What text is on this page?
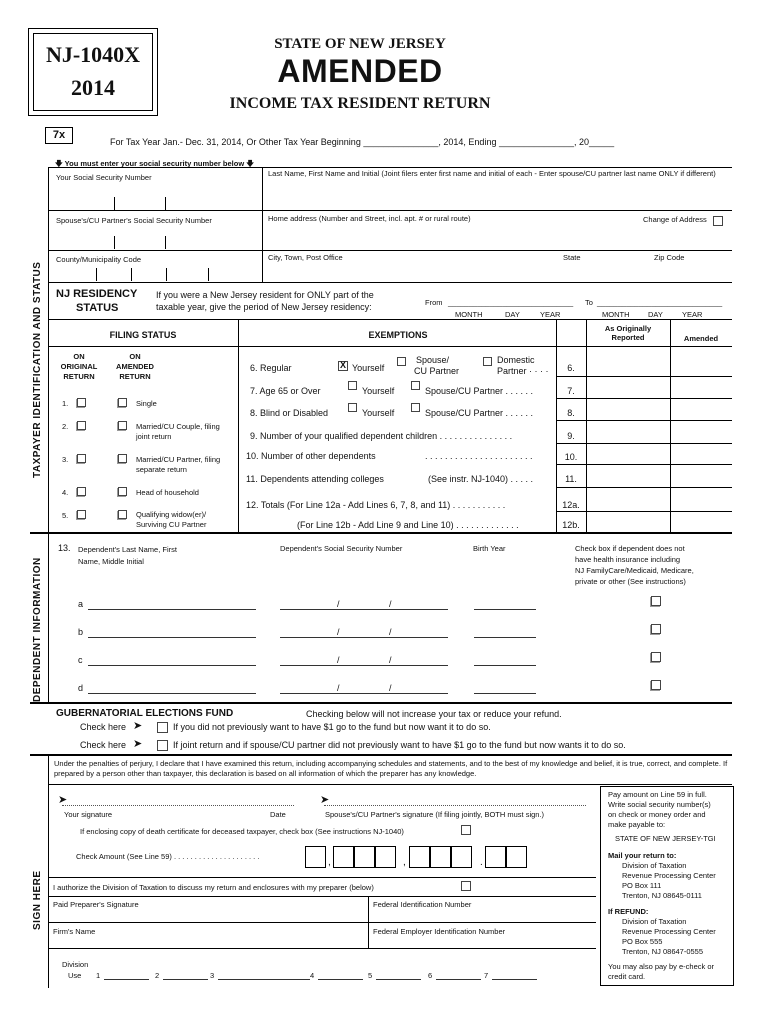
NJ-1040X
2014
STATE OF NEW JERSEY
AMENDED
INCOME TAX RESIDENT RETURN
7x
For Tax Year Jan.- Dec. 31, 2014, Or Other Tax Year Beginning _______________, 2014, Ending _______________, 20_____
🡇 You must enter your social security number below 🡇
TAXPAYER IDENTIFICATION AND STATUS
Your Social Security Number	Last Name, First Name and Initial (Joint filers enter first name and initial of each - Enter spouse/CU partner last name ONLY if different)
Spouse's/CU Partner's Social Security Number	Home address (Number and Street, incl. apt. # or rural route)	Change of Address
County/Municipality Code	City, Town, Post Office	State	Zip Code
NJ RESIDENCY
STATUS
If you were a New Jersey resident for ONLY part of the
taxable year, give the period of New Jersey residency:	From ______________________________
MONTH	DAY	YEAR
To ______________________________
MONTH DAY	YEAR
FILING STATUS	EXEMPTIONS
As Originally
Reported	Amended
ON
ORIGINAL
RETURN
ON
AMENDED
RETURN
1.	Single
2.	Married/CU Couple, filing
joint return
3.	Married/CU Partner, filing
separate return
4.	Head of household
5.	Qualifying widow(er)/
Surviving CU Partner
6. Regular	X Yourself
Spouse/
CU Partner
Domestic
Partner · · · ·
7. Age 65 or Over	Yourself	Spouse/CU Partner . . . . . .
8. Blind or Disabled	Yourself	Spouse/CU Partner . . . . . .
9. Number of your qualified dependent children . . . . . . . . . . . . . . .
10. Number of other dependents	. . . . . . . . . . . . . . . . . . . . . .
11. Dependents attending colleges	(See instr. NJ-1040) . . . . .
12. Totals (For Line 12a - Add Lines 6, 7, 8, and 11) . . . . . . . . . . .
(For Line 12b - Add Line 9 and Line 10) . . . . . . . . . . . . .
6.
7.
8.
9.
10.
11.
12a.
12b.
DEPENDENT INFORMATION
13. Dependent's Last Name, First
Name, Middle Initial
Dependent's Social Security Number	Birth Year	Check box if dependent does not
have health insurance including
NJ FamilyCare/Medicaid, Medicare,
private or other (See instructions)
a	/	/
b	/	/
c	/	/
d	/	/
GUBERNATORIAL ELECTIONS FUND	Checking below will not increase your tax or reduce your refund.
Check here ➤	If you did not previously want to have $1 go to the fund but now want it to do so.
Check here ➤	If joint return and if spouse/CU partner did not previously want to have $1 go to the fund but now wants it to do so.
SIGN HERE
Under the penalties of perjury, I declare that I have examined this return, including accompanying schedules and statements, and to the best of my knowledge and belief, it is true, correct, and complete. If prepared by a person other than taxpayer, this declaration is based on all information of which the preparer has any knowledge.
➤
Your signature	Date
➤
Spouse's/CU Partner's signature (If filing jointly, BOTH must sign.)
If enclosing copy of death certificate for deceased taxpayer, check box (See instructions NJ-1040)
Check Amount (See Line 59) . . . . . . . . . . . . . . . . . . . . .
,	,	.
I authorize the Division of Taxation to discuss my return and enclosures with my preparer (below)
Paid Preparer's Signature	Federal Identification Number
Firm's Name	Federal Employer Identification Number
Division
Use 1	2	3	4	5	6	7
Pay amount on Line 59 in full.
Write social security number(s)
on check or money order and
make payable to:
STATE OF NEW JERSEY-TGI
Mail your return to:
Division of Taxation
Revenue Processing Center
PO Box 111
Trenton, NJ 08645-0111
If REFUND:
Division of Taxation
Revenue Processing Center
PO Box 555
Trenton, NJ 08647-0555
You may also pay by e-check or credit card.
